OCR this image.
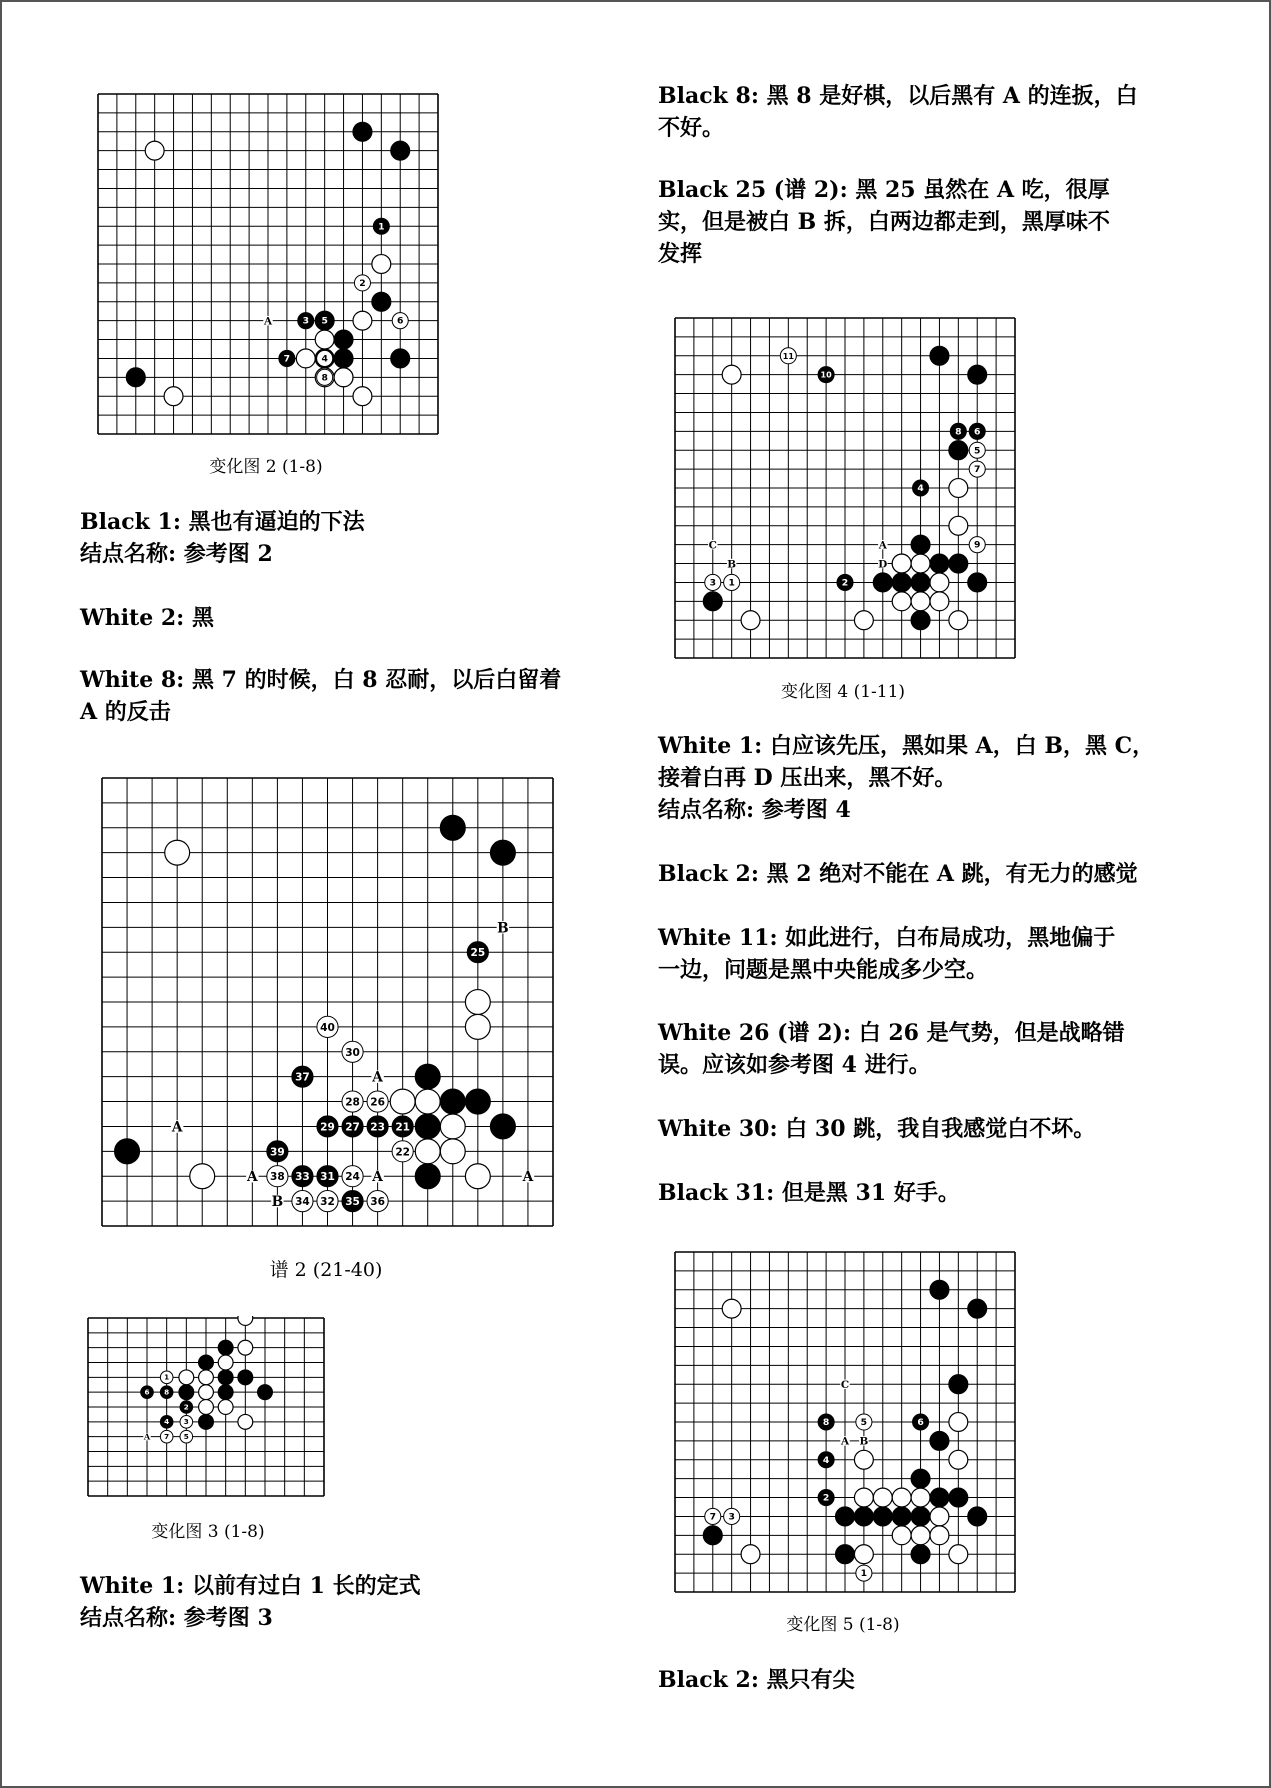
1
3 5
7
2
4
6
8
A
变化图 2 (1-8)
21
23
25
27
29
31
33
35
37
39	22
24
26
28
30
32
34	36
38
40
B
A
A
A	A	A
B
谱 2 (21-40)
2
4
6 8
1
3
5
7
A
变化图 3 (1-8)
2
4
6
8
10
1
3
5
7
9
11
A
D
B
C
变化图 4 (1-11)
2
4
6
8
1
3
5
7
A B
C
变化图 5 (1-8)
Black 1: 黑也有逼迫的下法
结点名称: 参考图 2
White 2: 黑
White 8: 黑 7 的时候，白 8 忍耐，以后白留着
A 的反击
White 1: 以前有过白 1 长的定式
结点名称: 参考图 3
Black 8: 黑 8 是好棋，以后黑有 A 的连扳，白
不好。
Black 25 (谱 2): 黑 25 虽然在 A 吃，很厚
实，但是被白 B 拆，白两边都走到，黑厚味不
发挥
White 1: 白应该先压，黑如果 A，白 B，黑 C，
接着白再 D 压出来，黑不好。
结点名称: 参考图 4
Black 2: 黑 2 绝对不能在 A 跳，有无力的感觉
White 11: 如此进行，白布局成功，黑地偏于
一边，问题是黑中央能成多少空。
White 26 (谱 2): 白 26 是气势，但是战略错
误。应该如参考图 4 进行。
White 30: 白 30 跳，我自我感觉白不坏。
Black 31: 但是黑 31 好手。
Black 2: 黑只有尖
